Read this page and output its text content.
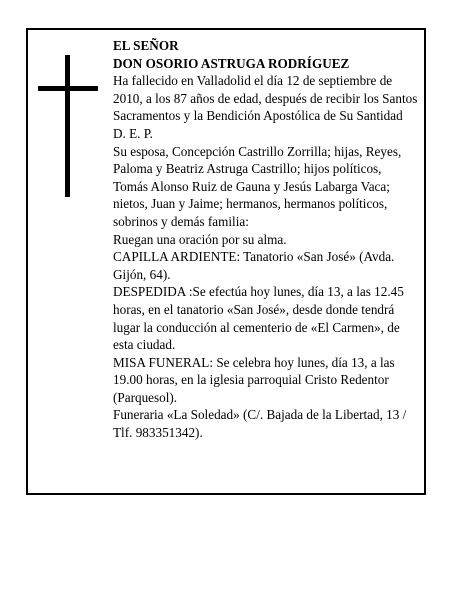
EL SEÑOR

DON OSORIO ASTRUGA RODRÍGUEZ

Ha fallecido en Valladolid el día 12 de septiembre de 2010, a los 87 años de edad, después de recibir los Santos Sacramentos y la Bendición Apostólica de Su Santidad

D. E. P.

Su esposa, Concepción Castrillo Zorrilla; hijas, Reyes, Paloma y Beatriz Astruga Castrillo; hijos políticos, Tomás Alonso Ruiz de Gauna y Jesús Labarga Vaca; nietos, Juan y Jaime; hermanos, hermanos políticos, sobrinos y demás familia:

Ruegan una oración por su alma.

CAPILLA ARDIENTE: Tanatorio «San José» (Avda. Gijón, 64).

DESPEDIDA :Se efectúa hoy lunes, día 13, a las 12.45 horas, en el tanatorio «San José», desde donde tendrá lugar la conducción al cementerio de «El Carmen», de esta ciudad.

MISA FUNERAL: Se celebra hoy lunes, día 13, a las 19.00 horas, en la iglesia parroquial Cristo Redentor (Parquesol).

Funeraria «La Soledad» (C/. Bajada de la Libertad, 13 / Tlf. 983351342).
